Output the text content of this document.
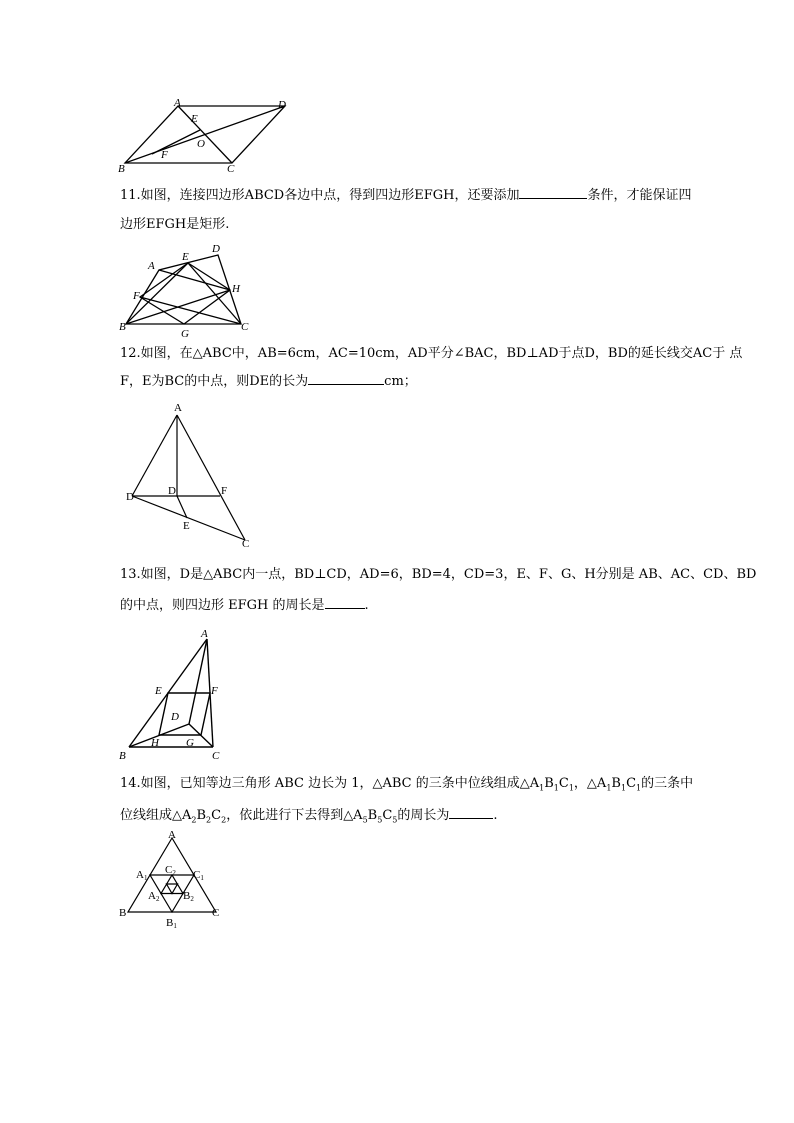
A	D
E
O
F
B	C
11.如图，连接四边形ABCD各边中点，得到四边形EFGH，还要添加	条件，才能保证四
边形EFGH是矩形.
A
E
D
F
H
B
G
C
12.如图，在△ABC中，AB=6cm，AC=10cm，AD平分∠BAC，BD⊥AD于点D，BD的延长线交AC于 点
F，E为BC的中点，则DE的长为	cm；
A
D	D	F
E
C
13.如图，D是△ABC内一点，BD⊥CD，AD=6，BD=4，CD=3，E、F、G、H分别是 AB、AC、CD、BD
的中点，则四边形 EFGH 的周长是	.
A
E	F
D
B
H G
C
14.如图，已知等边三角形 ABC 边长为 1，△ABC 的三条中位线组成$\triangle A_1B_1C_1$，$\triangle A_1B_1C_1$的三条中
位线组成$\triangle A_2B_2C_2$，依此进行下去得到$\triangle A_5B_5C_5$的周长为	.
A
C2
A1	C1
A2 B2
B
B1
C
